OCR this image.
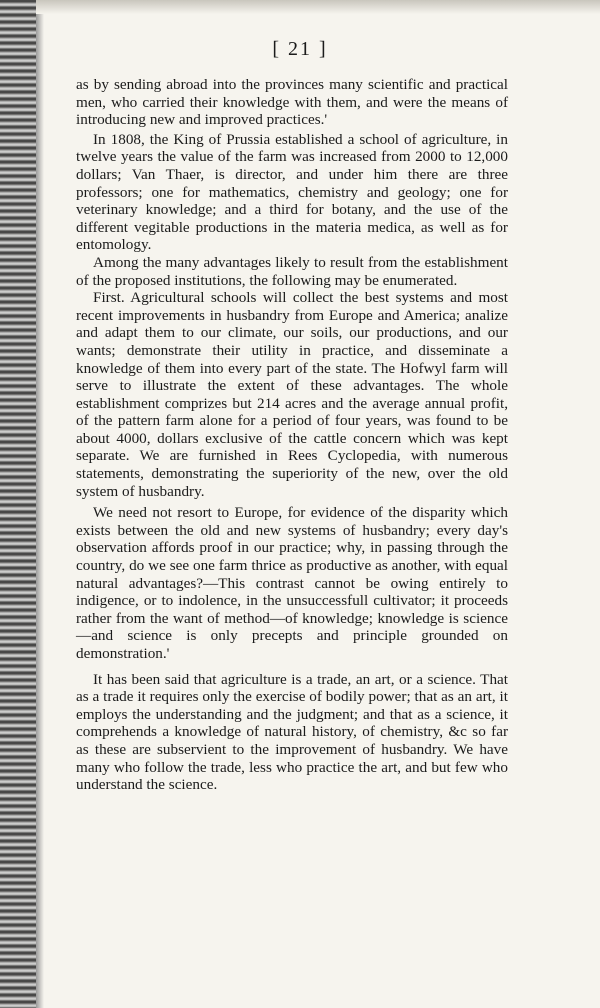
[ 21 ]

as by sending abroad into the provinces many scientific and practical men, who carried their knowledge with them, and were the means of introducing new and improved practices.'

In 1808, the King of Prussia established a school of agriculture, in twelve years the value of the farm was increased from 2000 to 12,000 dollars; Van Thaer, is director, and under him there are three professors; one for mathematics, chemistry and geology; one for veterinary knowledge; and a third for botany, and the use of the different vegitable productions in the materia medica, as well as for entomology.

Among the many advantages likely to result from the establishment of the proposed institutions, the following may be enumerated.

First. Agricultural schools will collect the best systems and most recent improvements in husbandry from Europe and America; analize and adapt them to our climate, our soils, our productions, and our wants; demonstrate their utility in practice, and disseminate a knowledge of them into every part of the state. The Hofwyl farm will serve to illustrate the extent of these advantages. The whole establishment comprizes but 214 acres and the average annual profit, of the pattern farm alone for a period of four years, was found to be about 4000, dollars exclusive of the cattle concern which was kept separate. We are furnished in Rees Cyclopedia, with numerous statements, demonstrating the superiority of the new, over the old system of husbandry.

We need not resort to Europe, for evidence of the disparity which exists between the old and new systems of husbandry; every day's observation affords proof in our practice; why, in passing through the country, do we see one farm thrice as productive as another, with equal natural advantages?—This contrast cannot be owing entirely to indigence, or to indolence, in the unsuccessfull cultivator; it proceeds rather from the want of method—of knowledge; knowledge is science—and science is only precepts and principle grounded on demonstration.'

It has been said that agriculture is a trade, an art, or a science. That as a trade it requires only the exercise of bodily power; that as an art, it employs the understanding and the judgment; and that as a science, it comprehends a knowledge of natural history, of chemistry, &c so far as these are subservient to the improvement of husbandry. We have many who follow the trade, less who practice the art, and but few who understand the science.
